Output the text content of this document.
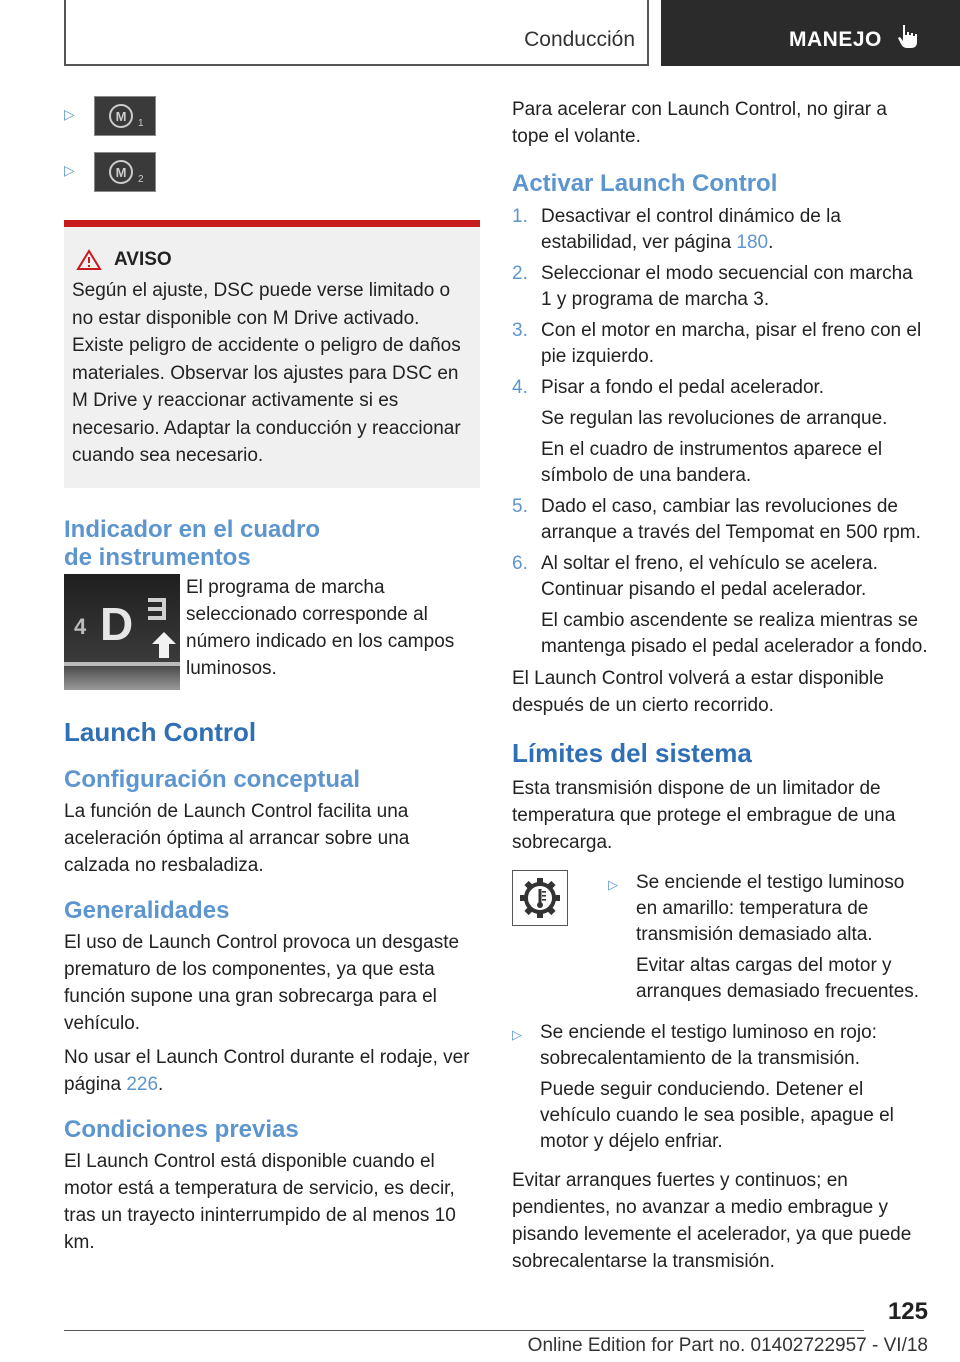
Conducción	MANEJO
▷	M 1
▷	M 2
AVISO
Según el ajuste, DSC puede verse limitado o no estar disponible con M Drive activado. Existe peligro de accidente o peligro de daños materiales. Observar los ajustes para DSC en M Drive y reaccionar activamente si es necesario. Adaptar la conducción y reaccionar cuando sea necesario.
Indicador en el cuadro
de instrumentos
4 D
El programa de marcha seleccionado corresponde al número indicado en los campos luminosos.
Launch Control
Configuración conceptual

La función de Launch Control facilita una aceleración óptima al arrancar sobre una calzada no resbaladiza.

Generalidades

El uso de Launch Control provoca un desgaste prematuro de los componentes, ya que esta función supone una gran sobrecarga para el vehículo.

No usar el Launch Control durante el rodaje, ver página 226.

Condiciones previas

El Launch Control está disponible cuando el motor está a temperatura de servicio, es decir, tras un trayecto ininterrumpido de al menos 10 km.

Para acelerar con Launch Control, no girar a tope el volante.

Activar Launch Control
1. Desactivar el control dinámico de la estabilidad, ver página 180.
2. Seleccionar el modo secuencial con marcha 1 y programa de marcha 3.
3. Con el motor en marcha, pisar el freno con el pie izquierdo.
4. Pisar a fondo el pedal acelerador.
Se regulan las revoluciones de arranque.
En el cuadro de instrumentos aparece el símbolo de una bandera.
5. Dado el caso, cambiar las revoluciones de arranque a través del Tempomat en 500 rpm.
6. Al soltar el freno, el vehículo se acelera. Continuar pisando el pedal acelerador.
El cambio ascendente se realiza mientras se mantenga pisado el pedal acelerador a fondo.

El Launch Control volverá a estar disponible después de un cierto recorrido.

Límites del sistema

Esta transmisión dispone de un limitador de temperatura que protege el embrague de una sobrecarga.

▷ Se enciende el testigo luminoso en amarillo: temperatura de transmisión demasiado alta.
Evitar altas cargas del motor y arranques demasiado frecuentes.
▷ Se enciende el testigo luminoso en rojo: sobrecalentamiento de la transmisión.
Puede seguir conduciendo. Detener el vehículo cuando le sea posible, apague el motor y déjelo enfriar.

Evitar arranques fuertes y continuos; en pendientes, no avanzar a medio embrague y pisando levemente el acelerador, ya que puede sobrecalentarse la transmisión.

125
Online Edition for Part no. 01402722957 - VI/18
